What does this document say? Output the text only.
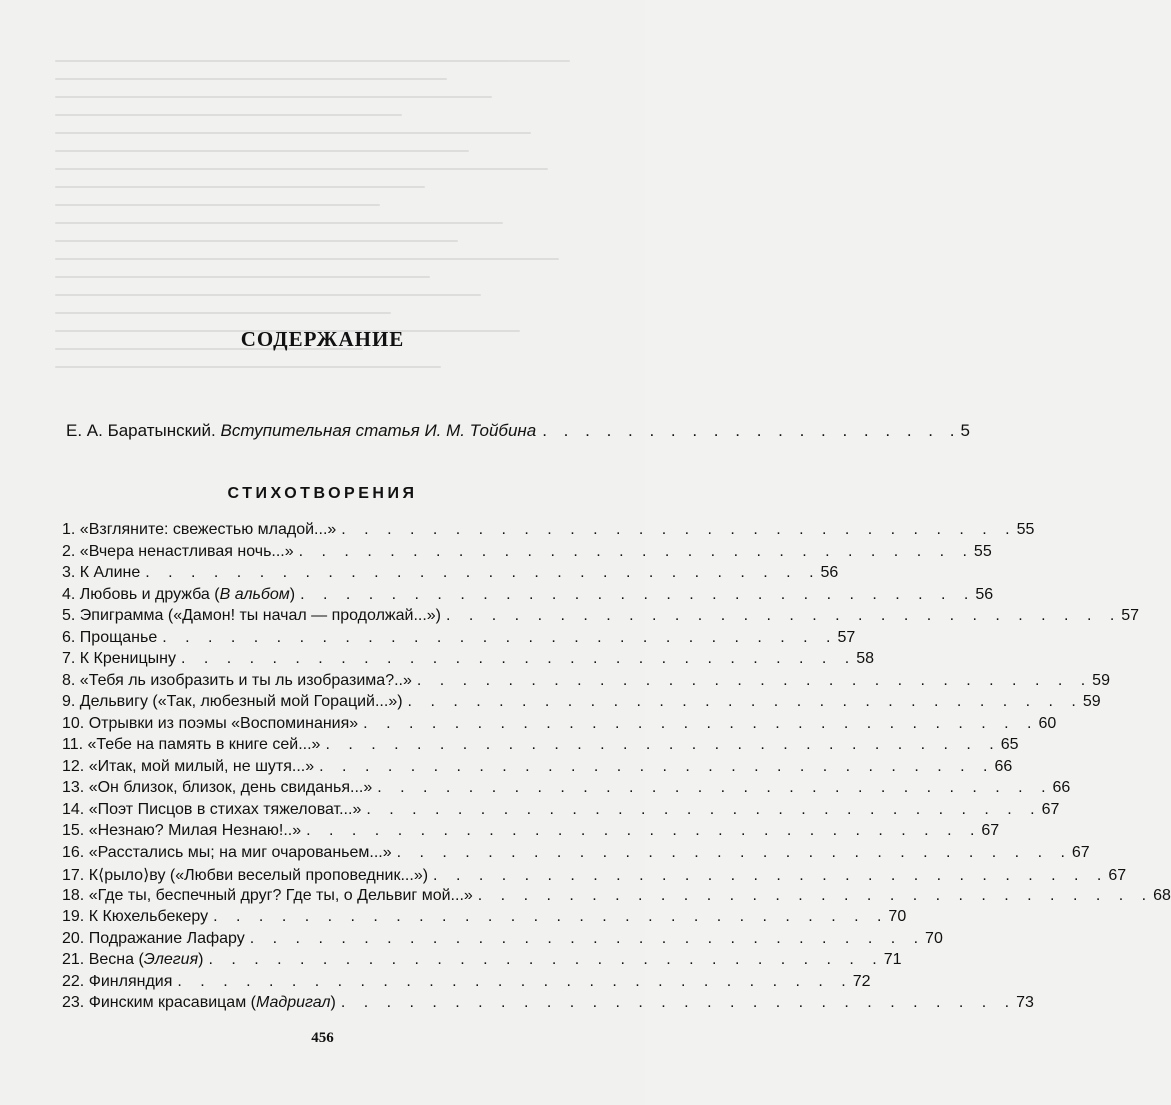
СОДЕРЖАНИЕ
Е. А. Баратынский. Вступительная статья И. М. Тойбина . . . . . . . . . . . . . . . . . . . . 5
СТИХОТВОРЕНИЯ
1. «Взгляните: свежестью младой...» . . . . . . . . . . . . . . . . . . . . . . . . . . . . . . 55
2. «Вчера ненастливая ночь...» . . . . . . . . . . . . . . . . . . . . . . . . . . . . . . 55
3. К Алине . . . . . . . . . . . . . . . . . . . . . . . . . . . . . . 56
4. Любовь и дружба (В альбом) . . . . . . . . . . . . . . . . . . . . . . . . . . . . . . 56
5. Эпиграмма («Дамон! ты начал — продолжай...») . . . . . . . . . . . . . . . . . . . . . . . . . . . . . . 57
6. Прощанье . . . . . . . . . . . . . . . . . . . . . . . . . . . . . . 57
7. К Креницыну . . . . . . . . . . . . . . . . . . . . . . . . . . . . . . 58
8. «Тебя ль изобразить и ты ль изобразима?..» . . . . . . . . . . . . . . . . . . . . . . . . . . . . . . 59
9. Дельвигу («Так, любезный мой Гораций...») . . . . . . . . . . . . . . . . . . . . . . . . . . . . . . 59
10. Отрывки из поэмы «Воспоминания» . . . . . . . . . . . . . . . . . . . . . . . . . . . . . . 60
11. «Тебе на память в книге сей...» . . . . . . . . . . . . . . . . . . . . . . . . . . . . . . 65
12. «Итак, мой милый, не шутя...» . . . . . . . . . . . . . . . . . . . . . . . . . . . . . . 66
13. «Он близок, близок, день свиданья...» . . . . . . . . . . . . . . . . . . . . . . . . . . . . . . 66
14. «Поэт Писцов в стихах тяжеловат...» . . . . . . . . . . . . . . . . . . . . . . . . . . . . . . 67
15. «Незнаю? Милая Незнаю!..» . . . . . . . . . . . . . . . . . . . . . . . . . . . . . . 67
16. «Расстались мы; на миг очарованьем...» . . . . . . . . . . . . . . . . . . . . . . . . . . . . . . 67
17. К⟨рыло⟩ву («Любви веселый проповедник...») . . . . . . . . . . . . . . . . . . . . . . . . . . . . . . 67
18. «Где ты, беспечный друг? Где ты, о Дельвиг мой...» . . . . . . . . . . . . . . . . . . . . . . . . . . . . . . 68
19. К Кюхельбекеру . . . . . . . . . . . . . . . . . . . . . . . . . . . . . . 70
20. Подражание Лафару . . . . . . . . . . . . . . . . . . . . . . . . . . . . . . 70
21. Весна (Элегия) . . . . . . . . . . . . . . . . . . . . . . . . . . . . . . 71
22. Финляндия . . . . . . . . . . . . . . . . . . . . . . . . . . . . . . 72
23. Финским красавицам (Мадригал) . . . . . . . . . . . . . . . . . . . . . . . . . . . . . . 73
456
